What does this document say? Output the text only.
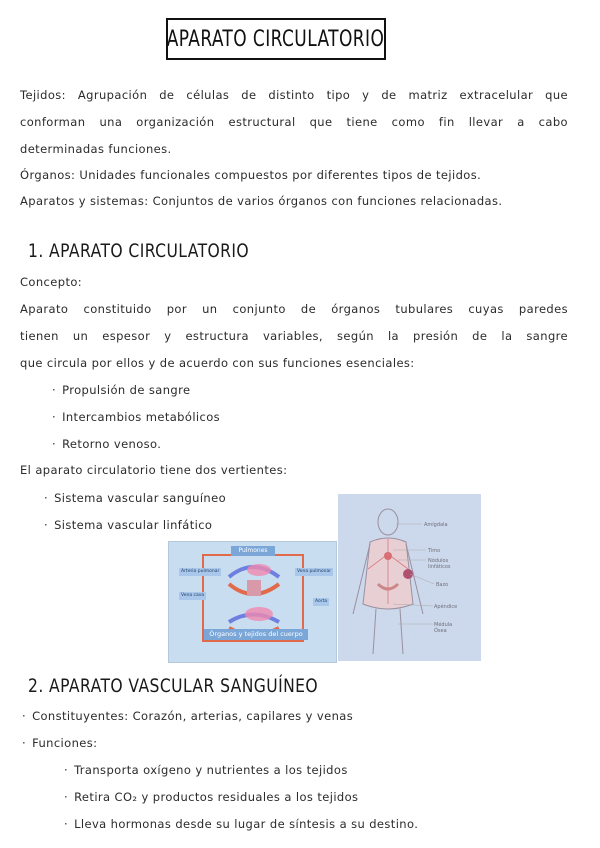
APARATO CIRCULATORIO
Tejidos: Agrupación de células de distinto tipo y de matriz extracelular que
conforman una organización estructural que tiene como fin llevar a cabo
determinadas funciones.
Órganos: Unidades funcionales compuestos por diferentes tipos de tejidos.
Aparatos y sistemas: Conjuntos de varios órganos con funciones relacionadas.
1. APARATO CIRCULATORIO
Concepto:
Aparato constituido por un conjunto de órganos tubulares cuyas paredes
tienen un espesor y estructura variables, según la presión de la sangre
que circula por ellos y de acuerdo con sus funciones esenciales:
· Propulsión de sangre
· Intercambios metabólicos
· Retorno venoso.
El aparato circulatorio tiene dos vertientes:
· Sistema vascular sanguíneo
· Sistema vascular linfático
Pulmones
Órganos y tejidos del cuerpo
Arteria pulmonar
Vena cava
Vena pulmonar
Aorta
Amígdala
Timo
Nódulos linfáticos
Bazo
Apéndice
Médula Ósea
2. APARATO VASCULAR SANGUÍNEO
· Constituyentes: Corazón, arterias, capilares y venas
· Funciones:
· Transporta oxígeno y nutrientes a los tejidos
· Retira CO₂ y productos residuales a los tejidos
· Lleva hormonas desde su lugar de síntesis a su destino.
